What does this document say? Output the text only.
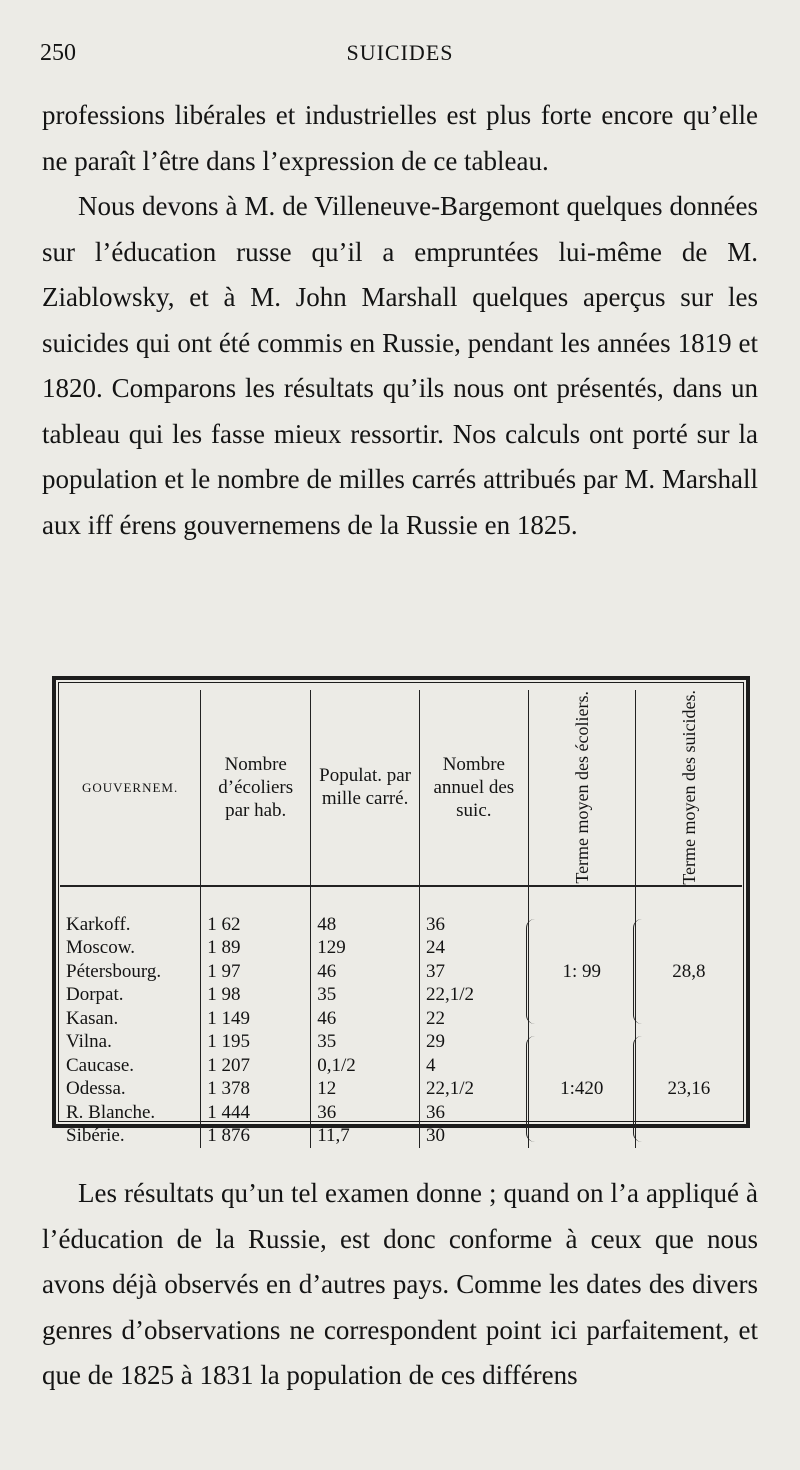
250	SUICIDES

professions libérales et industrielles est plus forte encore qu’elle ne paraît l’être dans l’expression de ce tableau.

Nous devons à M. de Villeneuve-Bargemont quelques données sur l’éducation russe qu’il a empruntées lui-même de M. Ziablowsky, et à M. John Marshall quelques aperçus sur les suicides qui ont été commis en Russie, pendant les années 1819 et 1820. Comparons les résultats qu’ils nous ont présentés, dans un tableau qui les fasse mieux ressortir. Nos calculs ont porté sur la population et le nombre de milles carrés attribués par M. Marshall aux iff érens gouvernemens de la Russie en 1825.

GOUVERNEM.	Nombre d’écoliers par hab.	Populat. par mille carré.	Nombre annuel des suic.	Terme moyen des écoliers.	Terme moyen des suicides.

Karkoff.	1 62	48	36	1: 99	28,8
Moscow.	1 89	129	24		
Pétersbourg.	1 97	46	37		
Dorpat.	1 98	35	22,1/2		
Kasan.	1 149	46	22		
Vilna.	1 195	35	29	1:420	23,16
Caucase.	1 207	0,1/2	4		
Odessa.	1 378	12	22,1/2		
R. Blanche.	1 444	36	36		
Sibérie.	1 876	11,7	30		

Les résultats qu’un tel examen donne ; quand on l’a appliqué à l’éducation de la Russie, est donc conforme à ceux que nous avons déjà observés en d’autres pays. Comme les dates des divers genres d’observations ne correspondent point ici parfaitement, et que de 1825 à 1831 la population de ces différens
